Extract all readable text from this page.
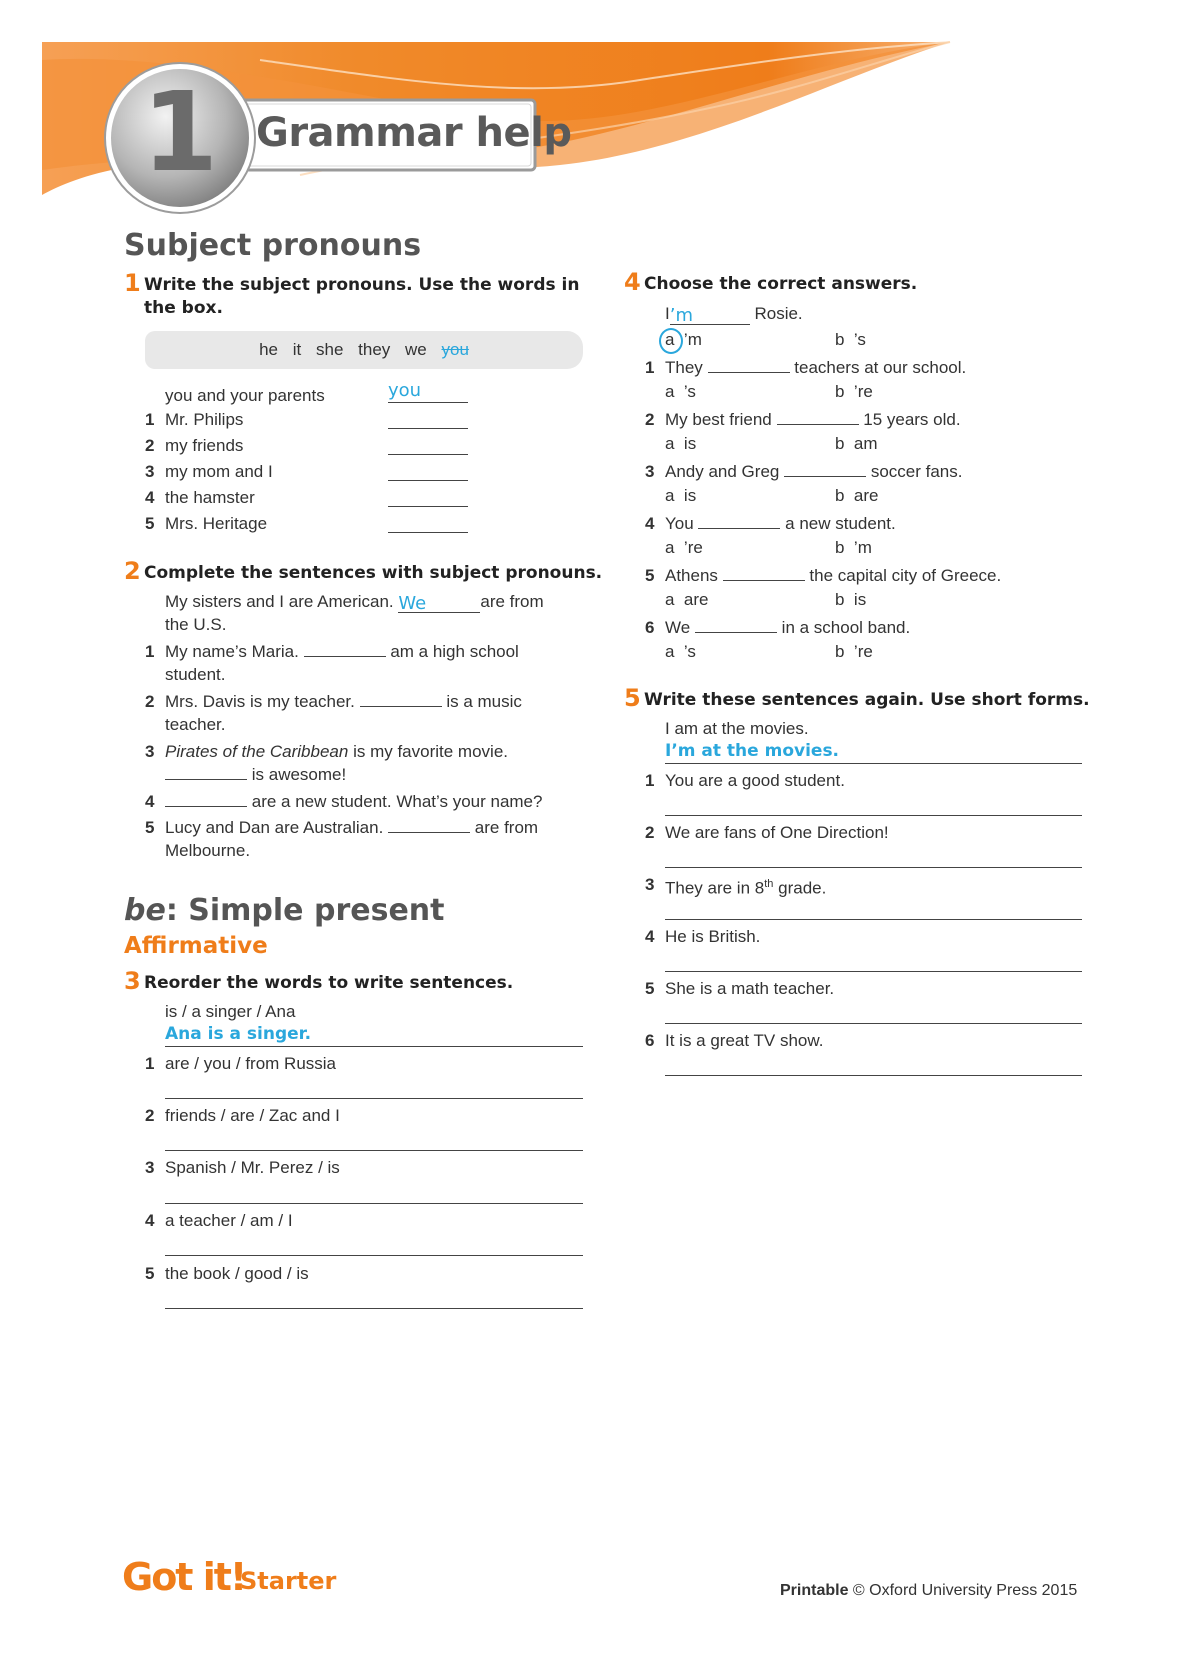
1 Grammar help
Subject pronouns
1 Write the subject pronouns. Use the words in
the box.
he it she they we you
you and your parents	you
1 Mr. Philips
2 my friends
3 my mom and I
4 the hamster
5 Mrs. Heritage
2 Complete the sentences with subject pronouns.
My sisters and I are American. We	are from
the U.S.
1 My name’s Maria.	am a high school
student.
2 Mrs. Davis is my teacher.	is a music
teacher.
3 Pirates of the Caribbean is my favorite movie.
is awesome!
4	are a new student. What’s your name?
5 Lucy and Dan are Australian.	are from
Melbourne.
be: Simple present
Affirmative
3 Reorder the words to write sentences.
is / a singer / Ana
Ana is a singer.
1 are / you / from Russia
2 friends / are / Zac and I
3 Spanish / Mr. Perez / is
4 a teacher / am / I
5 the book / good / is
4 Choose the correct answers.
I’m	Rosie.
a ’m	b ’s
1 They	teachers at our school.
a ’s	b ’re
2 My best friend	15 years old.
a is	b am
3 Andy and Greg	soccer fans.
a is	b are
4 You	a new student.
a ’re	b ’m
5 Athens	the capital city of Greece.
a are	b is
6 We	in a school band.
a ’s	b ’re
5 Write these sentences again. Use short forms.
I am at the movies.
I’m at the movies.
1 You are a good student.
2 We are fans of One Direction!
3 They are in 8th grade.
4 He is British.
5 She is a math teacher.
6 It is a great TV show.
Got it!
Starter	Printable © Oxford University Press 2015
